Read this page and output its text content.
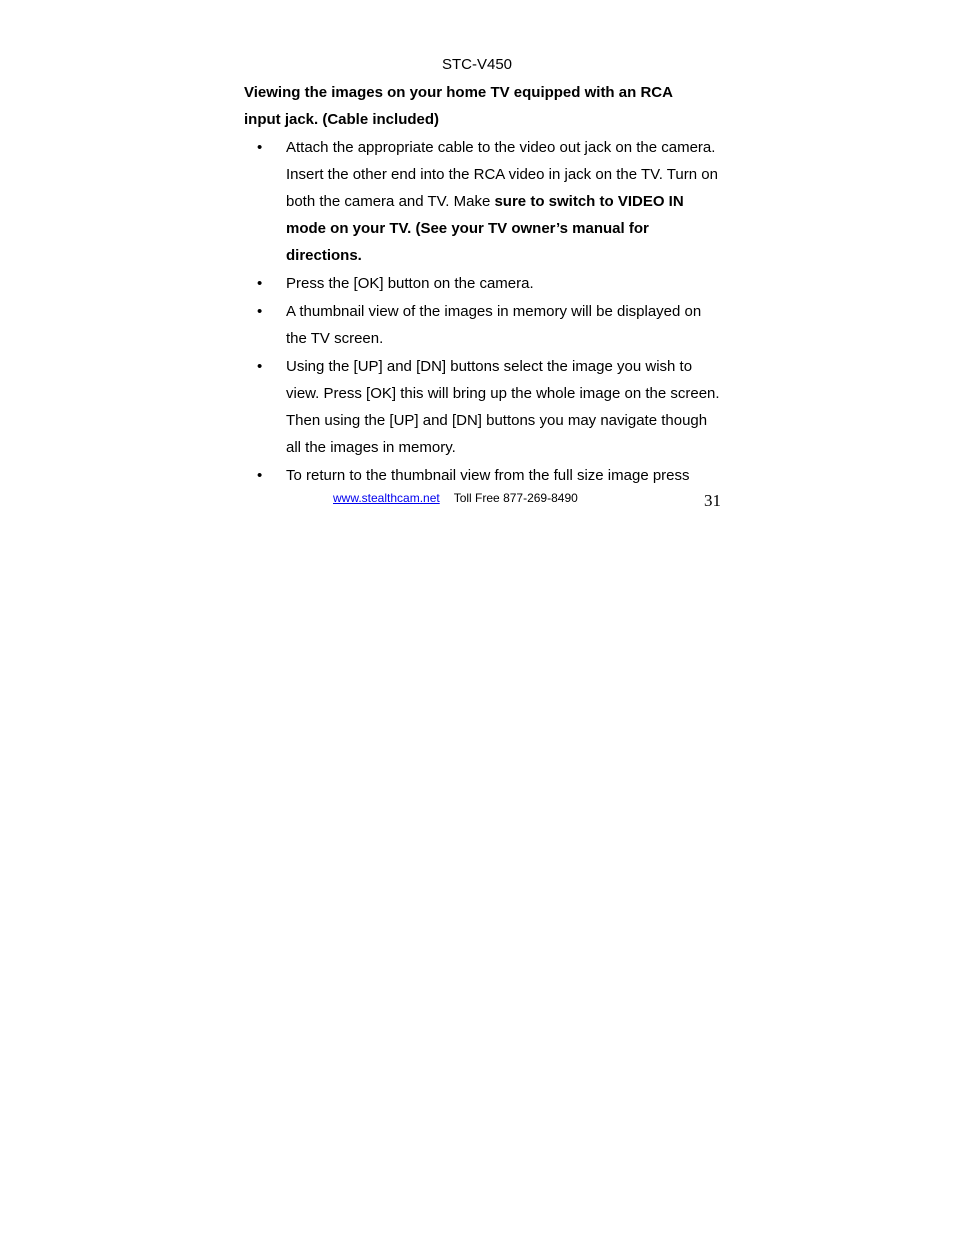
STC-V450

Viewing the images on your home TV equipped with an RCA
input jack. (Cable included)

• Attach the appropriate cable to the video out jack on the camera. Insert the other end into the RCA video in jack on the TV. Turn on both the camera and TV. Make sure to switch to VIDEO IN mode on your TV. (See your TV owner’s manual for directions.
• Press the [OK] button on the camera.
• A thumbnail view of the images in memory will be displayed on the TV screen.
• Using the [UP] and [DN] buttons select the image you wish to view. Press [OK] this will bring up the whole image on the screen. Then using the [UP] and [DN] buttons you may navigate though all the images in memory.
• To return to the thumbnail view from the full size image press
www.stealthcam.net Toll Free 877-269-8490	31
